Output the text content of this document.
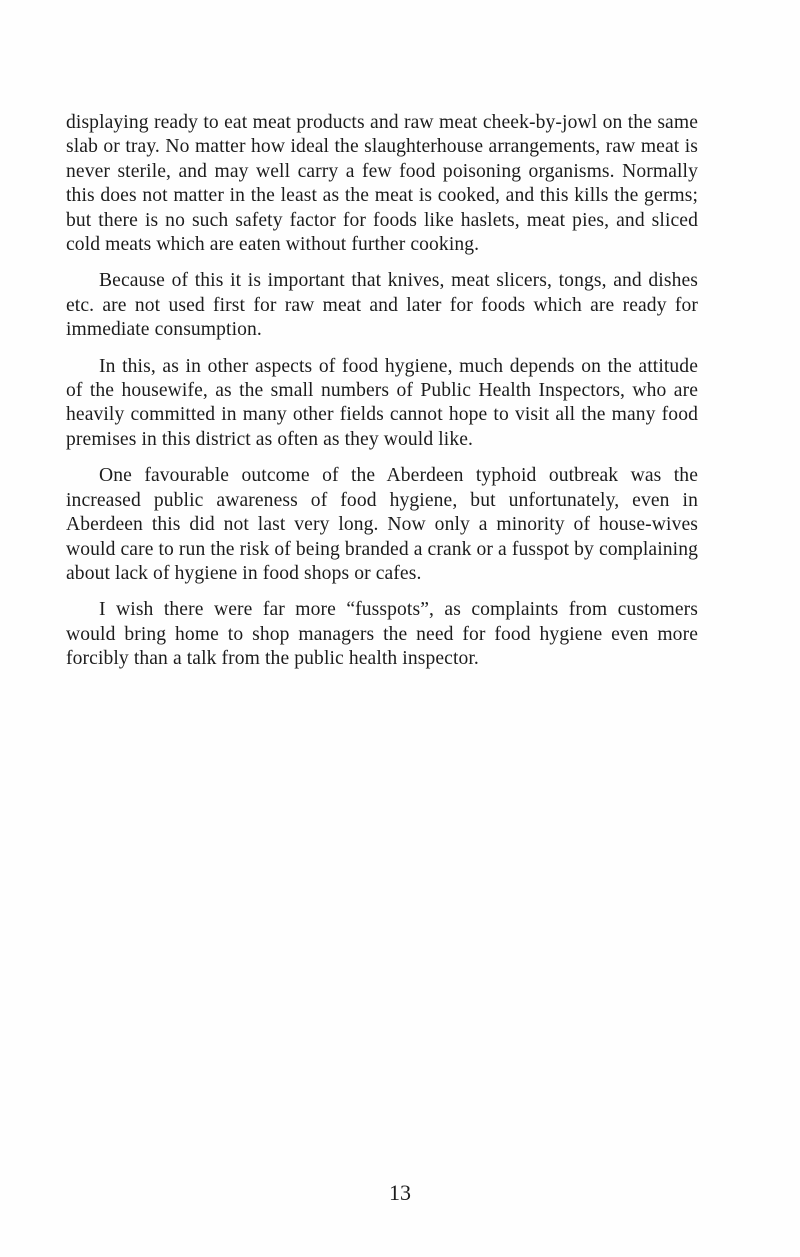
displaying ready to eat meat products and raw meat cheek-by-jowl on the same slab or tray. No matter how ideal the slaughterhouse arrangements, raw meat is never sterile, and may well carry a few food poisoning organisms. Normally this does not matter in the least as the meat is cooked, and this kills the germs; but there is no such safety factor for foods like haslets, meat pies, and sliced cold meats which are eaten without further cooking.

Because of this it is important that knives, meat slicers, tongs, and dishes etc. are not used first for raw meat and later for foods which are ready for immediate consumption.

In this, as in other aspects of food hygiene, much depends on the attitude of the housewife, as the small numbers of Public Health Inspectors, who are heavily committed in many other fields cannot hope to visit all the many food premises in this district as often as they would like.

One favourable outcome of the Aberdeen typhoid outbreak was the increased public awareness of food hygiene, but unfortunately, even in Aberdeen this did not last very long. Now only a minority of house-wives would care to run the risk of being branded a crank or a fusspot by complaining about lack of hygiene in food shops or cafes.

I wish there were far more “fusspots”, as complaints from customers would bring home to shop managers the need for food hygiene even more forcibly than a talk from the public health inspector.

13
